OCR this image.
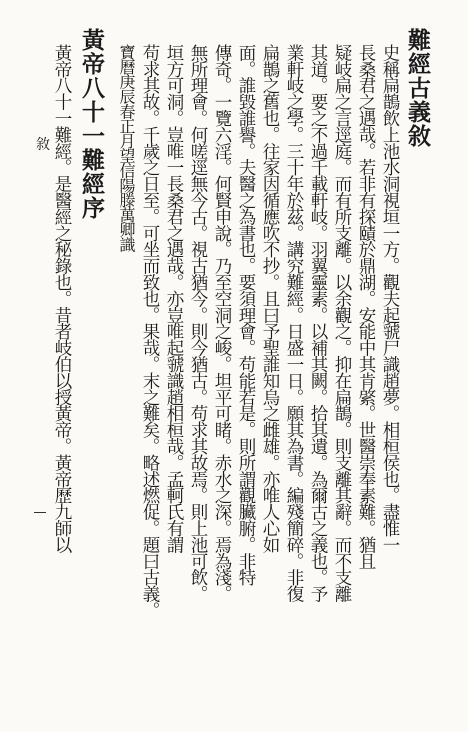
難經古義敘
史稱扁鵲飲上池水洞視垣一方。觀夫起虢尸識趙夢。相桓侯也。盡惟一
長桑君之遇哉。若非有探賾於鼎湖。安能中其肯綮。世醫崇奉素難。猶且
疑岐扁之言逕庭。而有所支離。以余觀之。抑在扁鵲。則支離其辭。而不支離
其道。要之不過千載軒岐。羽翼靈素。以補其闕。拾其遺。為爾古之義也。予
業軒岐之學。三十年於茲。講究難經。日盛一日。願其為書。編殘簡碎。非復
扁鵲之舊也。往家因循應吹不抄。且曰予聖誰知烏之雌雄。亦唯人心如
面。誰毀誰譽。夫醫之為書也。要須理會。苟能若是。則所謂觀臟腑。非特
傳奇。一覽六淫。何賢申說。乃至空洞之峻。坦平可睹。赤水之深。焉為淺。
無所理會。何嗟逕無今古。視古猶今。則今猶古。苟求其故焉。則上池可飲。
垣方可洞。豈唯一長桑君之遇哉。亦豈唯起虢識趙相桓哉。孟軻氏有謂
苟求其故。千歲之日至。可坐而致也。果哉。末之難矣。略述燃促。題曰古義。
寶曆庚辰春正月望信陽滕萬卿識
黃帝八十一難經序
黃帝八十一難經。是醫經之秘錄也。昔者岐伯以授黃帝。黃帝歷九師以
敘
